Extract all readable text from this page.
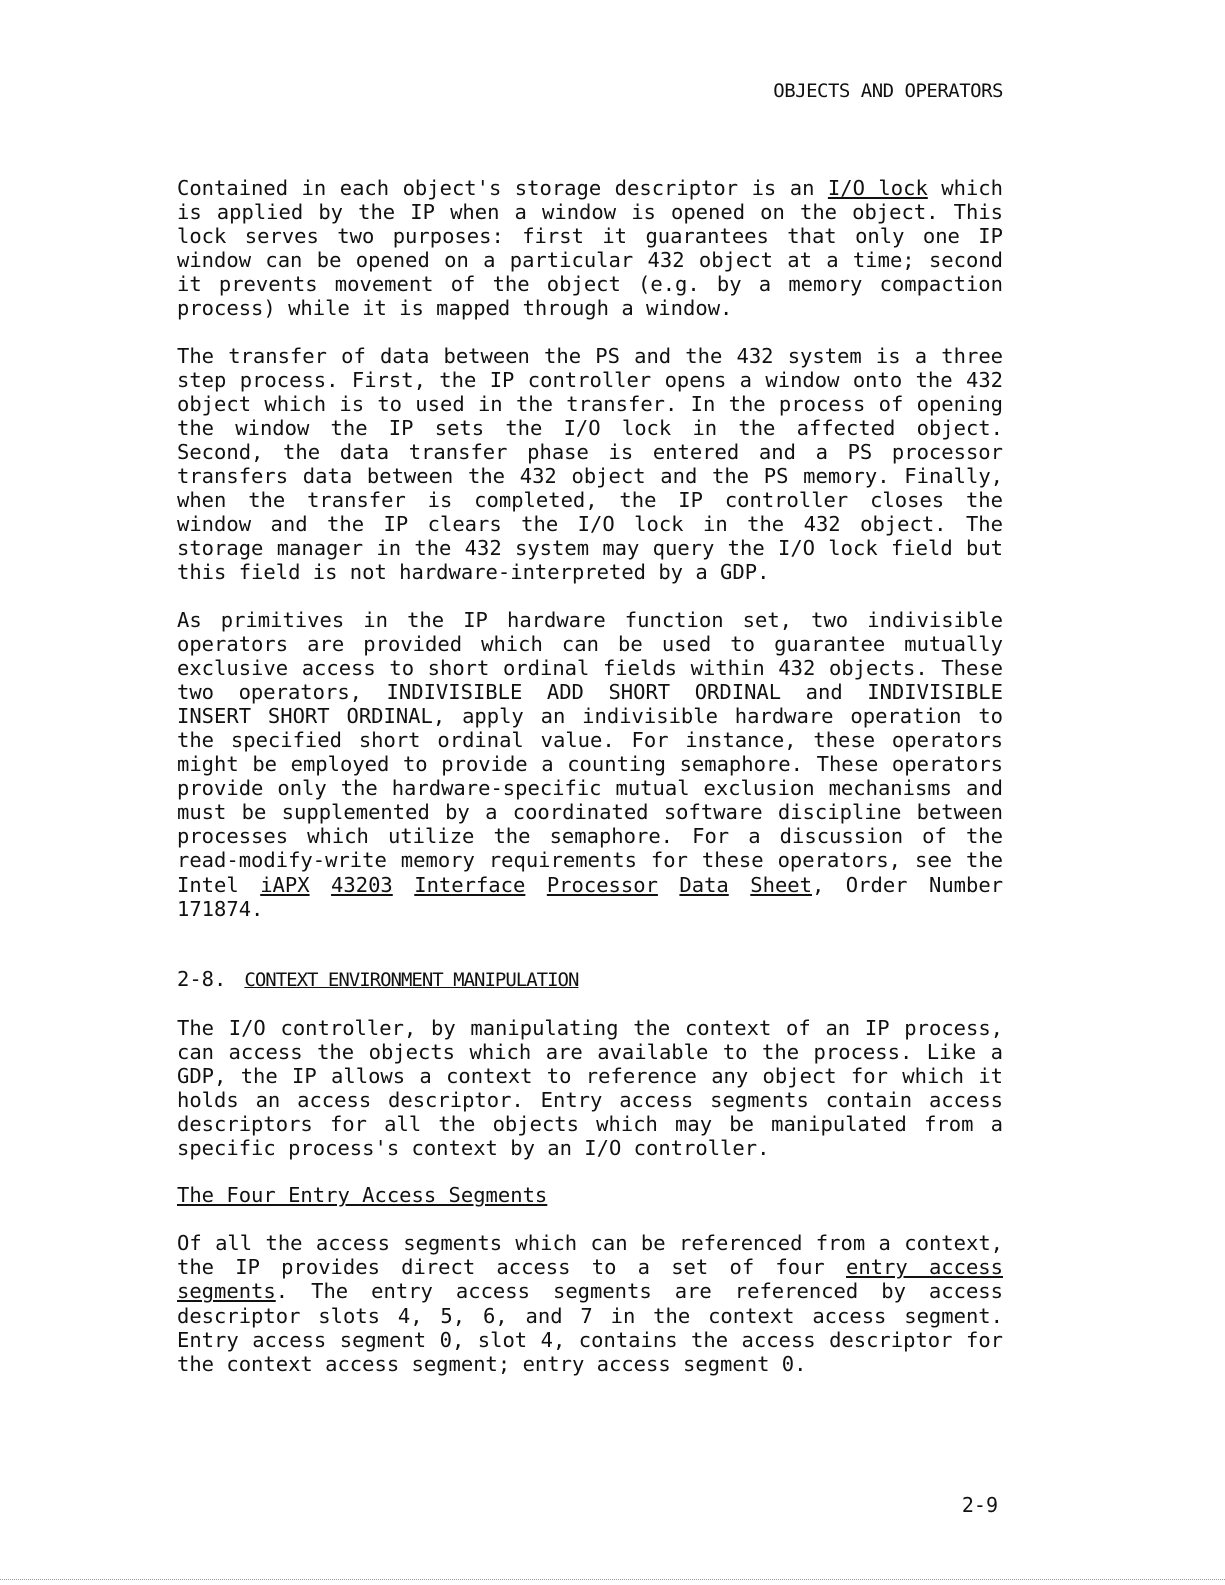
OBJECTS AND OPERATORS

Contained in each object's storage descriptor is an I/O lock which is applied by the IP when a window is opened on the object. This lock serves two purposes: first it guarantees that only one IP window can be opened on a particular 432 object at a time; second it prevents movement of the object (e.g. by a memory compaction process) while it is mapped through a window.

The transfer of data between the PS and the 432 system is a three step process. First, the IP controller opens a window onto the 432 object which is to used in the transfer. In the process of opening the window the IP sets the I/O lock in the affected object. Second, the data transfer phase is entered and a PS processor transfers data between the 432 object and the PS memory. Finally, when the transfer is completed, the IP controller closes the window and the IP clears the I/O lock in the 432 object. The storage manager in the 432 system may query the I/O lock field but this field is not hardware-interpreted by a GDP.

As primitives in the IP hardware function set, two indivisible operators are provided which can be used to guarantee mutually exclusive access to short ordinal fields within 432 objects. These two operators, INDIVISIBLE ADD SHORT ORDINAL and INDIVISIBLE INSERT SHORT ORDINAL, apply an indivisible hardware operation to the specified short ordinal value. For instance, these operators might be employed to provide a counting semaphore. These operators provide only the hardware-specific mutual exclusion mechanisms and must be supplemented by a coordinated software discipline between processes which utilize the semaphore. For a discussion of the read-modify-write memory requirements for these operators, see the Intel iAPX 43203 Interface Processor Data Sheet, Order Number 171874.

2-8. CONTEXT ENVIRONMENT MANIPULATION

The I/O controller, by manipulating the context of an IP process, can access the objects which are available to the process. Like a GDP, the IP allows a context to reference any object for which it holds an access descriptor. Entry access segments contain access descriptors for all the objects which may be manipulated from a specific process's context by an I/O controller.

The Four Entry Access Segments

Of all the access segments which can be referenced from a context, the IP provides direct access to a set of four entry access segments. The entry access segments are referenced by access descriptor slots 4, 5, 6, and 7 in the context access segment. Entry access segment 0, slot 4, contains the access descriptor for the context access segment; entry access segment 0.

2-9
